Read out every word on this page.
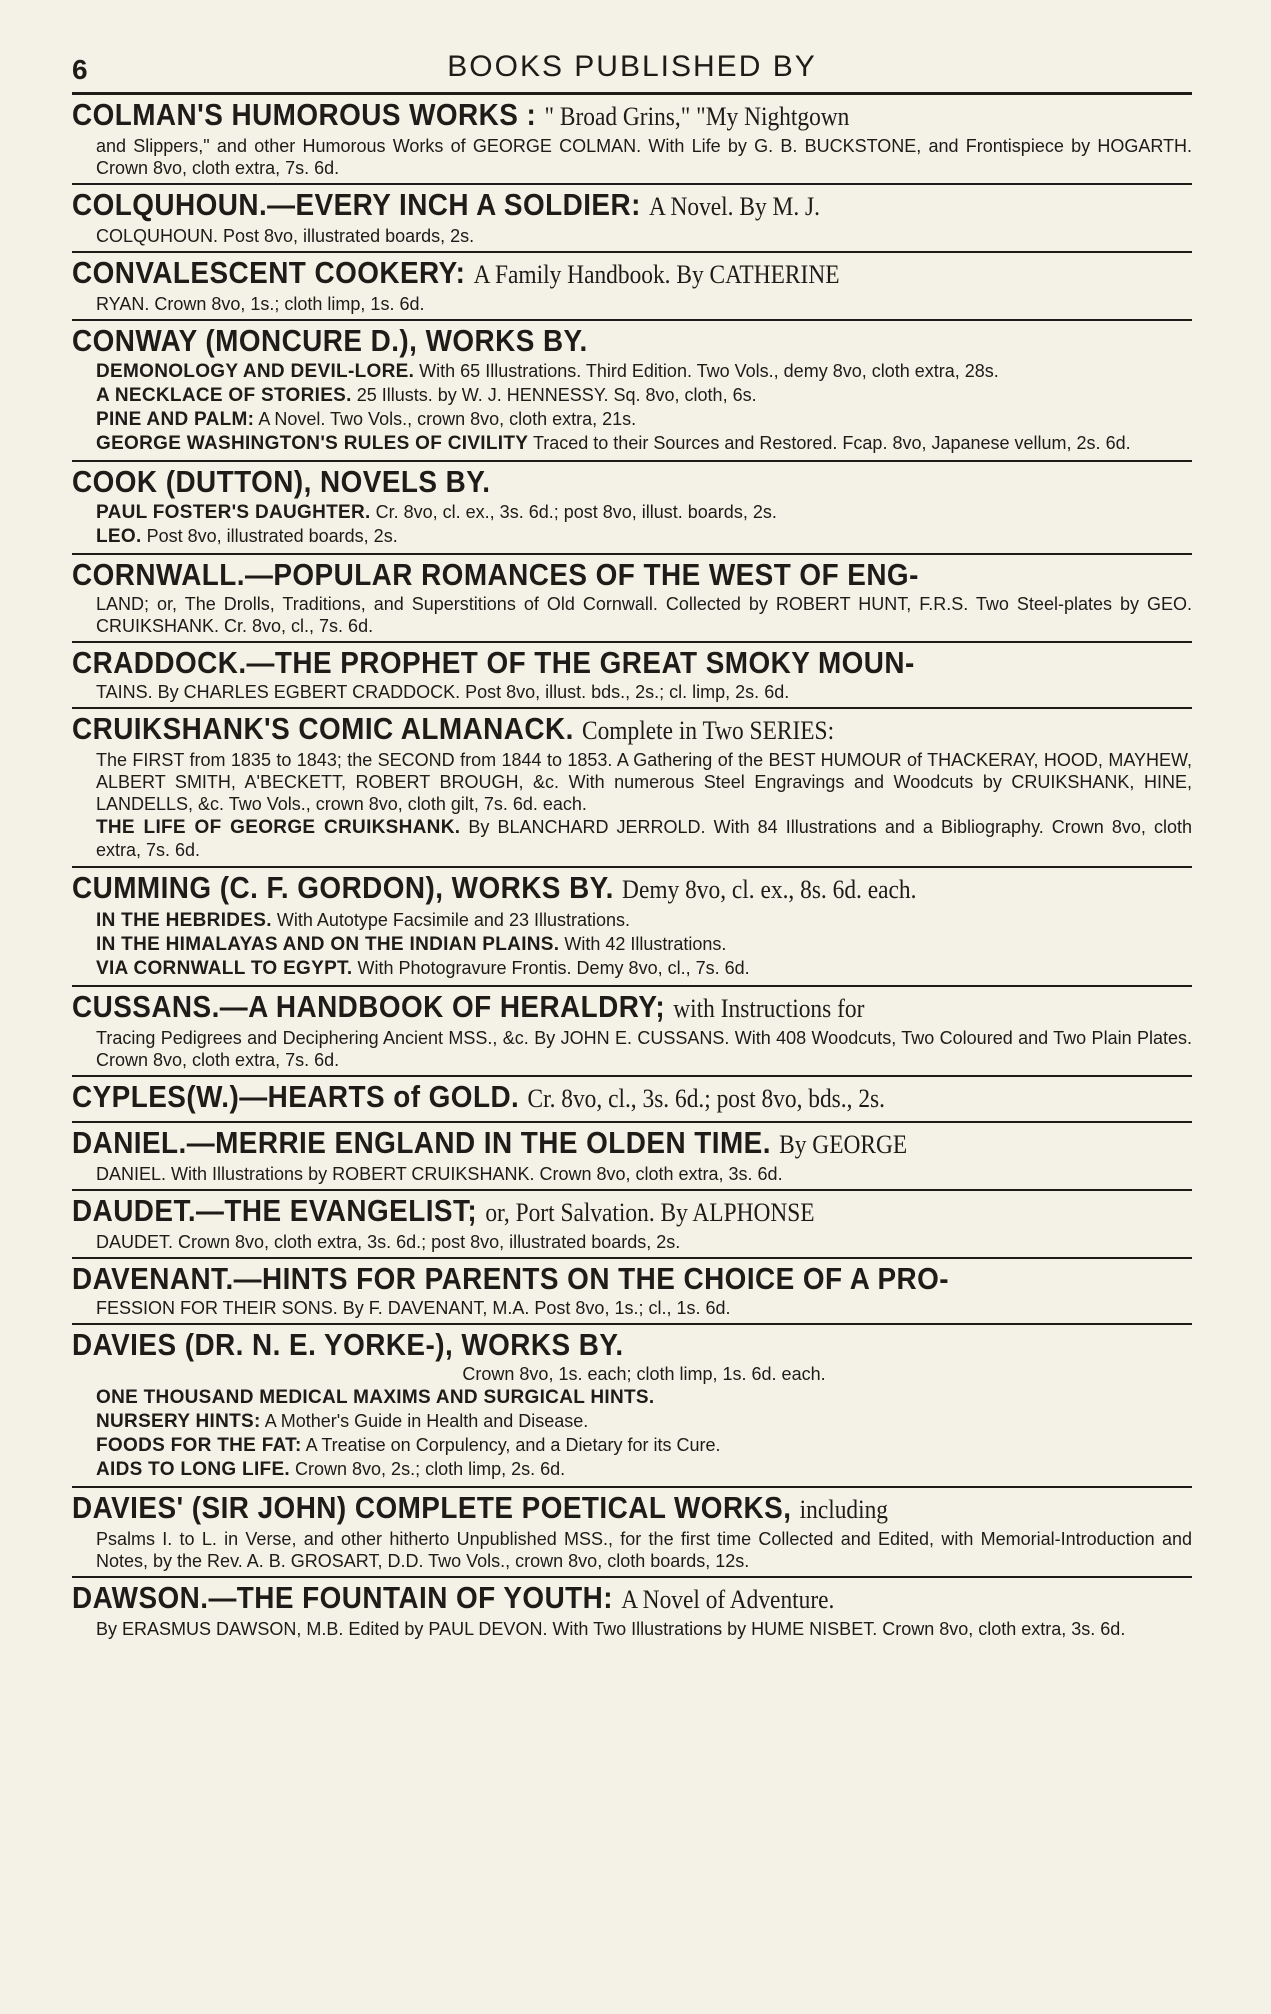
6	BOOKS PUBLISHED BY
COLMAN'S HUMOROUS WORKS : " Broad Grins," "My Nightgown
and Slippers," and other Humorous Works of GEORGE COLMAN. With Life by G. B. BUCKSTONE, and Frontispiece by HOGARTH. Crown 8vo, cloth extra, 7s. 6d.
COLQUHOUN.—EVERY INCH A SOLDIER: A Novel. By M. J.
COLQUHOUN. Post 8vo, illustrated boards, 2s.
CONVALESCENT COOKERY: A Family Handbook. By CATHERINE
RYAN. Crown 8vo, 1s.; cloth limp, 1s. 6d.
CONWAY (MONCURE D.), WORKS BY.
DEMONOLOGY AND DEVIL-LORE. With 65 Illustrations. Third Edition. Two Vols., demy 8vo, cloth extra, 28s.
A NECKLACE OF STORIES. 25 Illusts. by W. J. HENNESSY. Sq. 8vo, cloth, 6s.
PINE AND PALM: A Novel. Two Vols., crown 8vo, cloth extra, 21s.
GEORGE WASHINGTON'S RULES OF CIVILITY Traced to their Sources and Restored. Fcap. 8vo, Japanese vellum, 2s. 6d.
COOK (DUTTON), NOVELS BY.
PAUL FOSTER'S DAUGHTER. Cr. 8vo, cl. ex., 3s. 6d.; post 8vo, illust. boards, 2s.
LEO. Post 8vo, illustrated boards, 2s.
CORNWALL.—POPULAR ROMANCES OF THE WEST OF ENG-
LAND; or, The Drolls, Traditions, and Superstitions of Old Cornwall. Collected by ROBERT HUNT, F.R.S. Two Steel-plates by GEO. CRUIKSHANK. Cr. 8vo, cl., 7s. 6d.
CRADDOCK.—THE PROPHET OF THE GREAT SMOKY MOUN-
TAINS. By CHARLES EGBERT CRADDOCK. Post 8vo, illust. bds., 2s.; cl. limp, 2s. 6d.
CRUIKSHANK'S COMIC ALMANACK. Complete in Two SERIES:
The FIRST from 1835 to 1843; the SECOND from 1844 to 1853. A Gathering of the BEST HUMOUR of THACKERAY, HOOD, MAYHEW, ALBERT SMITH, A'BECKETT, ROBERT BROUGH, &c. With numerous Steel Engravings and Woodcuts by CRUIKSHANK, HINE, LANDELLS, &c. Two Vols., crown 8vo, cloth gilt, 7s. 6d. each.
THE LIFE OF GEORGE CRUIKSHANK. By BLANCHARD JERROLD. With 84 Illustrations and a Bibliography. Crown 8vo, cloth extra, 7s. 6d.
CUMMING (C. F. GORDON), WORKS BY. Demy 8vo, cl. ex., 8s. 6d. each.
IN THE HEBRIDES. With Autotype Facsimile and 23 Illustrations.
IN THE HIMALAYAS AND ON THE INDIAN PLAINS. With 42 Illustrations.
VIA CORNWALL TO EGYPT. With Photogravure Frontis. Demy 8vo, cl., 7s. 6d.
CUSSANS.—A HANDBOOK OF HERALDRY; with Instructions for
Tracing Pedigrees and Deciphering Ancient MSS., &c. By JOHN E. CUSSANS. With 408 Woodcuts, Two Coloured and Two Plain Plates. Crown 8vo, cloth extra, 7s. 6d.
CYPLES(W.)—HEARTS of GOLD. Cr. 8vo, cl., 3s. 6d.; post 8vo, bds., 2s.
DANIEL.—MERRIE ENGLAND IN THE OLDEN TIME. By GEORGE
DANIEL. With Illustrations by ROBERT CRUIKSHANK. Crown 8vo, cloth extra, 3s. 6d.
DAUDET.—THE EVANGELIST; or, Port Salvation. By ALPHONSE
DAUDET. Crown 8vo, cloth extra, 3s. 6d.; post 8vo, illustrated boards, 2s.
DAVENANT.—HINTS FOR PARENTS ON THE CHOICE OF A PRO-
FESSION FOR THEIR SONS. By F. DAVENANT, M.A. Post 8vo, 1s.; cl., 1s. 6d.
DAVIES (DR. N. E. YORKE-), WORKS BY.
Crown 8vo, 1s. each; cloth limp, 1s. 6d. each.
ONE THOUSAND MEDICAL MAXIMS AND SURGICAL HINTS.
NURSERY HINTS: A Mother's Guide in Health and Disease.
FOODS FOR THE FAT: A Treatise on Corpulency, and a Dietary for its Cure.
AIDS TO LONG LIFE. Crown 8vo, 2s.; cloth limp, 2s. 6d.
DAVIES' (SIR JOHN) COMPLETE POETICAL WORKS, including
Psalms I. to L. in Verse, and other hitherto Unpublished MSS., for the first time Collected and Edited, with Memorial-Introduction and Notes, by the Rev. A. B. GROSART, D.D. Two Vols., crown 8vo, cloth boards, 12s.
DAWSON.—THE FOUNTAIN OF YOUTH: A Novel of Adventure.
By ERASMUS DAWSON, M.B. Edited by PAUL DEVON. With Two Illustrations by HUME NISBET. Crown 8vo, cloth extra, 3s. 6d.
